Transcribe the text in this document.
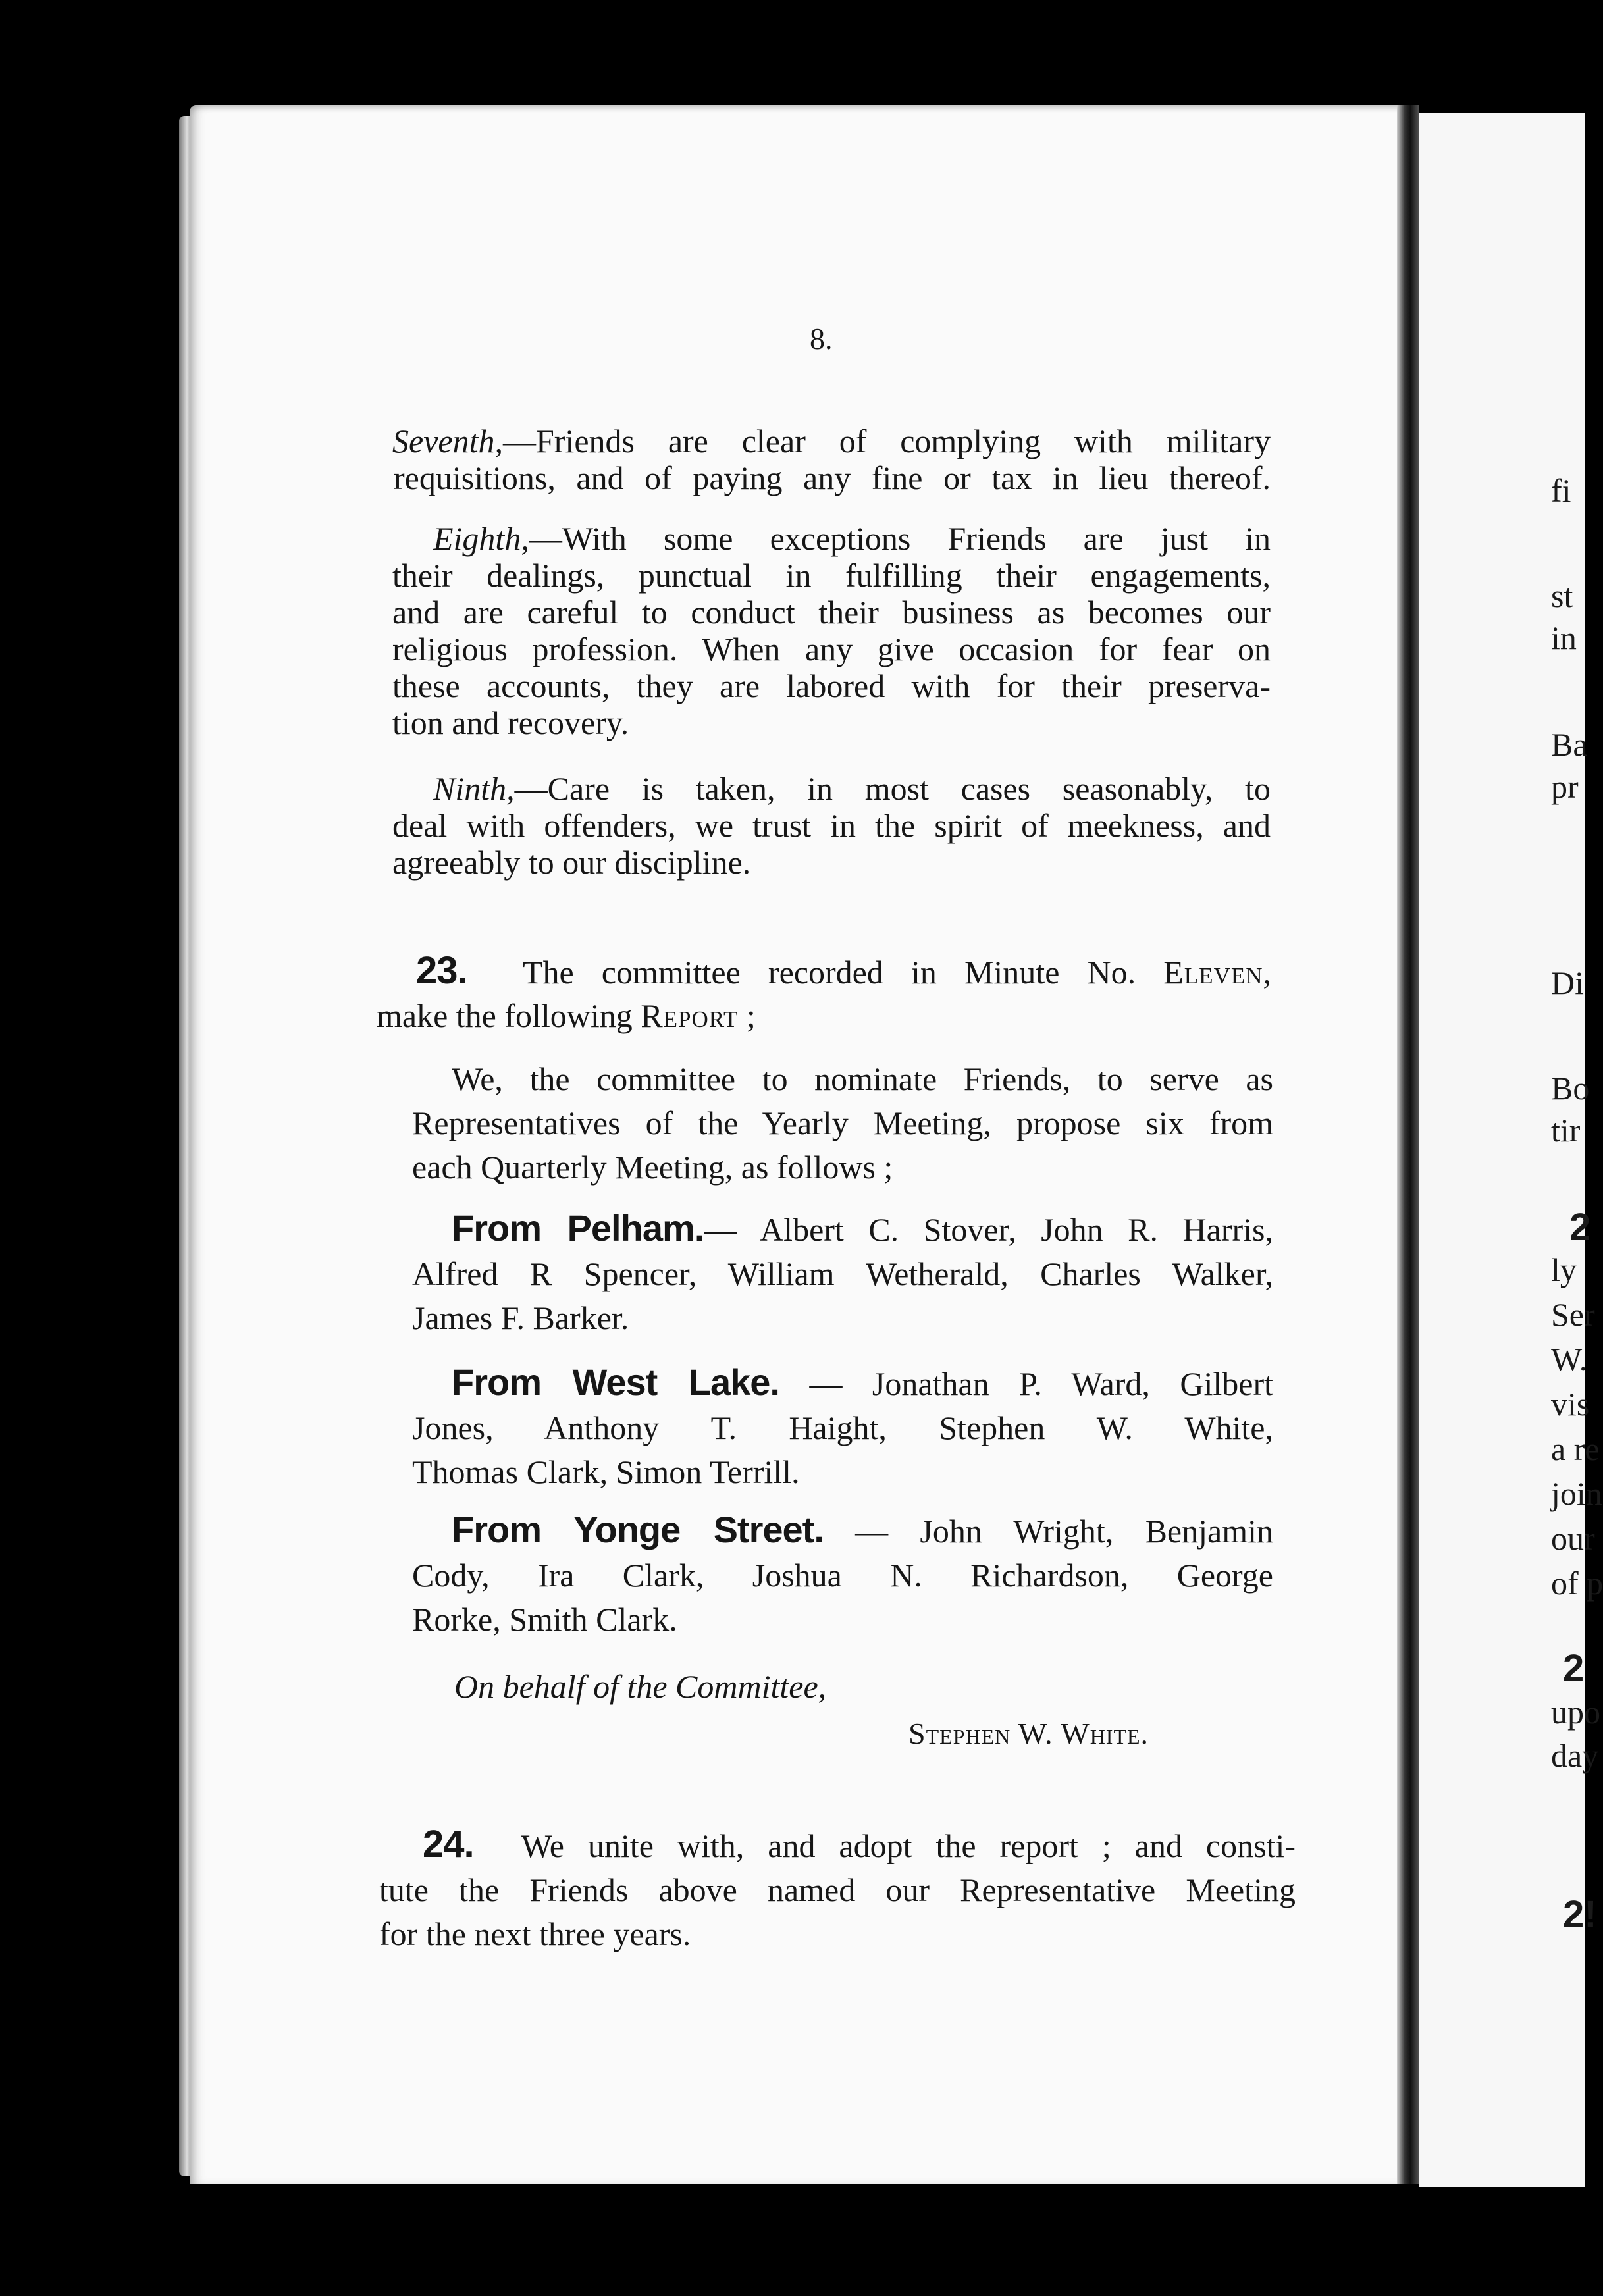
8.
Seventh,—Friends are clear of complying with military
requisitions, and of paying any fine or tax in lieu thereof.
Eighth,—With some exceptions Friends are just in
their dealings, punctual in fulfilling their engagements,
and are careful to conduct their business as becomes our
religious profession. When any give occasion for fear on
these accounts, they are labored with for their preserva-
tion and recovery.
Ninth,—Care is taken, in most cases seasonably, to
deal with offenders, we trust in the spirit of meekness, and
agreeably to our discipline.
23. The committee recorded in Minute No. Eleven,
make the following Report ;
We, the committee to nominate Friends, to serve as
Representatives of the Yearly Meeting, propose six from
each Quarterly Meeting, as follows ;
From Pelham.— Albert C. Stover, John R. Harris,
Alfred R Spencer, William Wetherald, Charles Walker,
James F. Barker.
From West Lake. — Jonathan P. Ward, Gilbert
Jones, Anthony T. Haight, Stephen W. White,
Thomas Clark, Simon Terrill.
From Yonge Street. — John Wright, Benjamin
Cody, Ira Clark, Joshua N. Richardson, George
Rorke, Smith Clark.
On behalf of the Committee,
Stephen W. White.
24. We unite with, and adopt the report ; and consti-
tute the Friends above named our Representative Meeting
for the next three years.
fi
st
in
Ba
pr
Di
Bo
tir
2
ly
Ser
W.
vis
a re
join
our
of p
2
upo
day
2!
